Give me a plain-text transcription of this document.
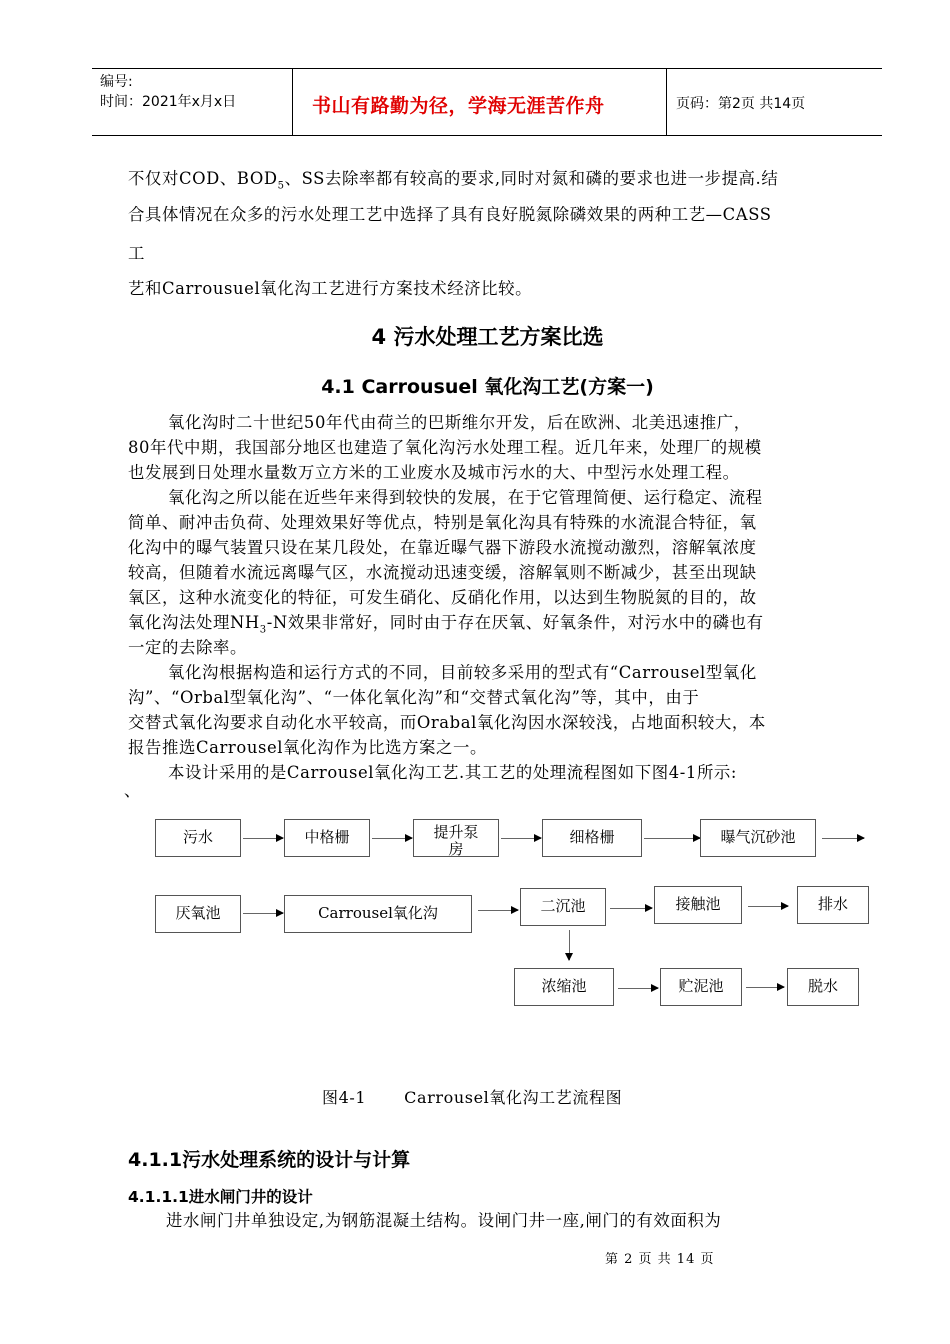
编号:
时间：2021年x月x日	书山有路勤为径，学海无涯苦作舟	页码：第2页 共14页
不仅对COD、$BOD_5$、SS去除率都有较高的要求,同时对氮和磷的要求也进一步提高.结
合具体情况在众多的污水处理工艺中选择了具有良好脱氮除磷效果的两种工艺—CASS
工
艺和Carrousuel氧化沟工艺进行方案技术经济比较。
4 污水处理工艺方案比选
4.1 Carrousuel 氧化沟工艺(方案一)
氧化沟时二十世纪50年代由荷兰的巴斯维尔开发，后在欧洲、北美迅速推广，
80年代中期，我国部分地区也建造了氧化沟污水处理工程。近几年来，处理厂的规模
也发展到日处理水量数万立方米的工业废水及城市污水的大、中型污水处理工程。
氧化沟之所以能在近些年来得到较快的发展，在于它管理简便、运行稳定、流程
简单、耐冲击负荷、处理效果好等优点，特别是氧化沟具有特殊的水流混合特征，氧
化沟中的曝气装置只设在某几段处，在靠近曝气器下游段水流搅动激烈，溶解氧浓度
较高，但随着水流远离曝气区，水流搅动迅速变缓，溶解氧则不断减少，甚至出现缺
氧区，这种水流变化的特征，可发生硝化、反硝化作用，以达到生物脱氮的目的，故
氧化沟法处理$NH_3-N$效果非常好，同时由于存在厌氧、好氧条件，对污水中的磷也有
一定的去除率。
氧化沟根据构造和运行方式的不同，目前较多采用的型式有“Carrousel型氧化
沟”、“Orbal型氧化沟”、“一体化氧化沟”和“交替式氧化沟”等，其中，由于
交替式氧化沟要求自动化水平较高，而Orabal氧化沟因水深较浅，占地面积较大，本
报告推选Carrousel氧化沟作为比选方案之一。
本设计采用的是Carrousel氧化沟工艺.其工艺的处理流程图如下图4-1所示:
、
污水	中格栅	提升泵房
细格栅	曝气沉砂池
厌氧池	Carrousel氧化沟	二沉池	接触池	排水
浓缩池	贮泥池	脱水
图4-1 Carrousel氧化沟工艺流程图
4.1.1污水处理系统的设计与计算
4.1.1.1进水闸门井的设计
进水闸门井单独设定,为钢筋混凝土结构。设闸门井一座,闸门的有效面积为
第 2 页 共 14 页
